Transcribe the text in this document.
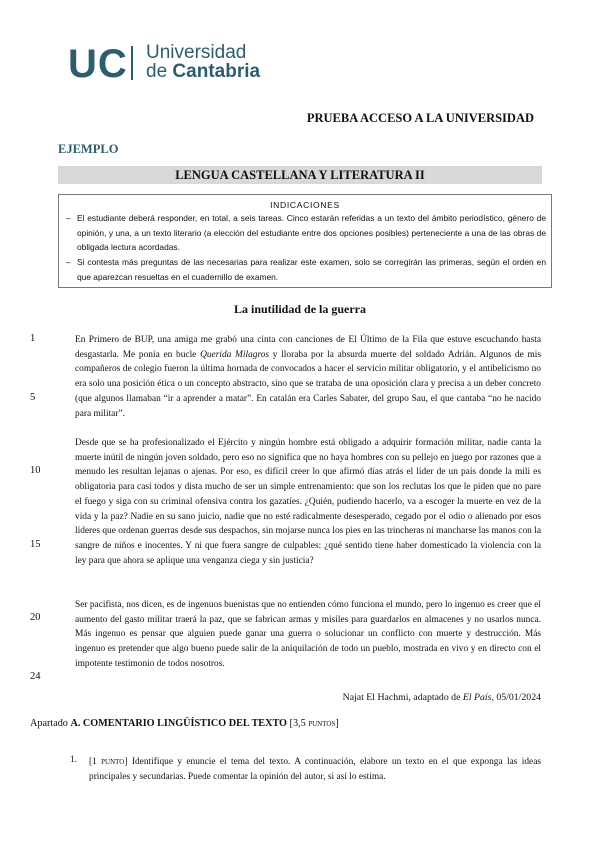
UC Universidad
de Cantabria
PRUEBA ACCESO A LA UNIVERSIDAD
EJEMPLO
LENGUA CASTELLANA Y LITERATURA II
INDICACIONES
– El estudiante deberá responder, en total, a seis tareas. Cinco estarán referidas a un texto del ámbito periodístico, género de opinión, y una, a un texto literario (a elección del estudiante entre dos opciones posibles) perteneciente a una de las obras de obligada lectura acordadas.
– Si contesta más preguntas de las necesarias para realizar este examen, solo se corregirán las primeras, según el orden en que aparezcan resueltas en el cuadernillo de examen.
La inutilidad de la guerra
1
5
10
15
20
24
En Primero de BUP, una amiga me grabó una cinta con canciones de El Último de la Fila que estuve escuchando hasta desgastarla. Me ponía en bucle Querida Milagros y lloraba por la absurda muerte del soldado Adrián. Algunos de mis compañeros de colegio fueron la última hornada de convocados a hacer el servicio militar obligatorio, y el antibelicismo no era solo una posición ética o un concepto abstracto, sino que se trataba de una oposición clara y precisa a un deber concreto (que algunos llamaban “ir a aprender a matar”. En catalán era Carles Sabater, del grupo Sau, el que cantaba “no he nacido para militar”.
Desde que se ha profesionalizado el Ejército y ningún hombre está obligado a adquirir formación militar, nadie canta la muerte inútil de ningún joven soldado, pero eso no significa que no haya hombres con su pellejo en juego por razones que a menudo les resultan lejanas o ajenas. Por eso, es difícil creer lo que afirmó días atrás el líder de un país donde la mili es obligatoria para casi todos y dista mucho de ser un simple entrenamiento: que son los reclutas los que le piden que no pare el fuego y siga con su criminal ofensiva contra los gazatíes. ¿Quién, pudiendo hacerlo, va a escoger la muerte en vez de la vida y la paz? Nadie en su sano juicio, nadie que no esté radicalmente desesperado, cegado por el odio o alienado por esos líderes que ordenan guerras desde sus despachos, sin mojarse nunca los pies en las trincheras ni mancharse las manos con la sangre de niños e inocentes. Y ni que fuera sangre de culpables: ¿qué sentido tiene haber domesticado la violencia con la ley para que ahora se aplique una venganza ciega y sin justicia?
Ser pacifista, nos dicen, es de ingenuos buenistas que no entienden cómo funciona el mundo, pero lo ingenuo es creer que el aumento del gasto militar traerá la paz, que se fabrican armas y misiles para guardarlos en almacenes y no usarlos nunca. Más ingenuo es pensar que alguien puede ganar una guerra o solucionar un conflicto con muerte y destrucción. Más ingenuo es pretender que algo bueno puede salir de la aniquilación de todo un pueblo, mostrada en vivo y en directo con el impotente testimonio de todos nosotros.
Najat El Hachmi, adaptado de El País, 05/01/2024
Apartado A. COMENTARIO LINGÜÍSTICO DEL TEXTO [3,5 puntos]
1. [1 punto] Identifique y enuncie el tema del texto. A continuación, elabore un texto en el que exponga las ideas principales y secundarias. Puede comentar la opinión del autor, si así lo estima.
